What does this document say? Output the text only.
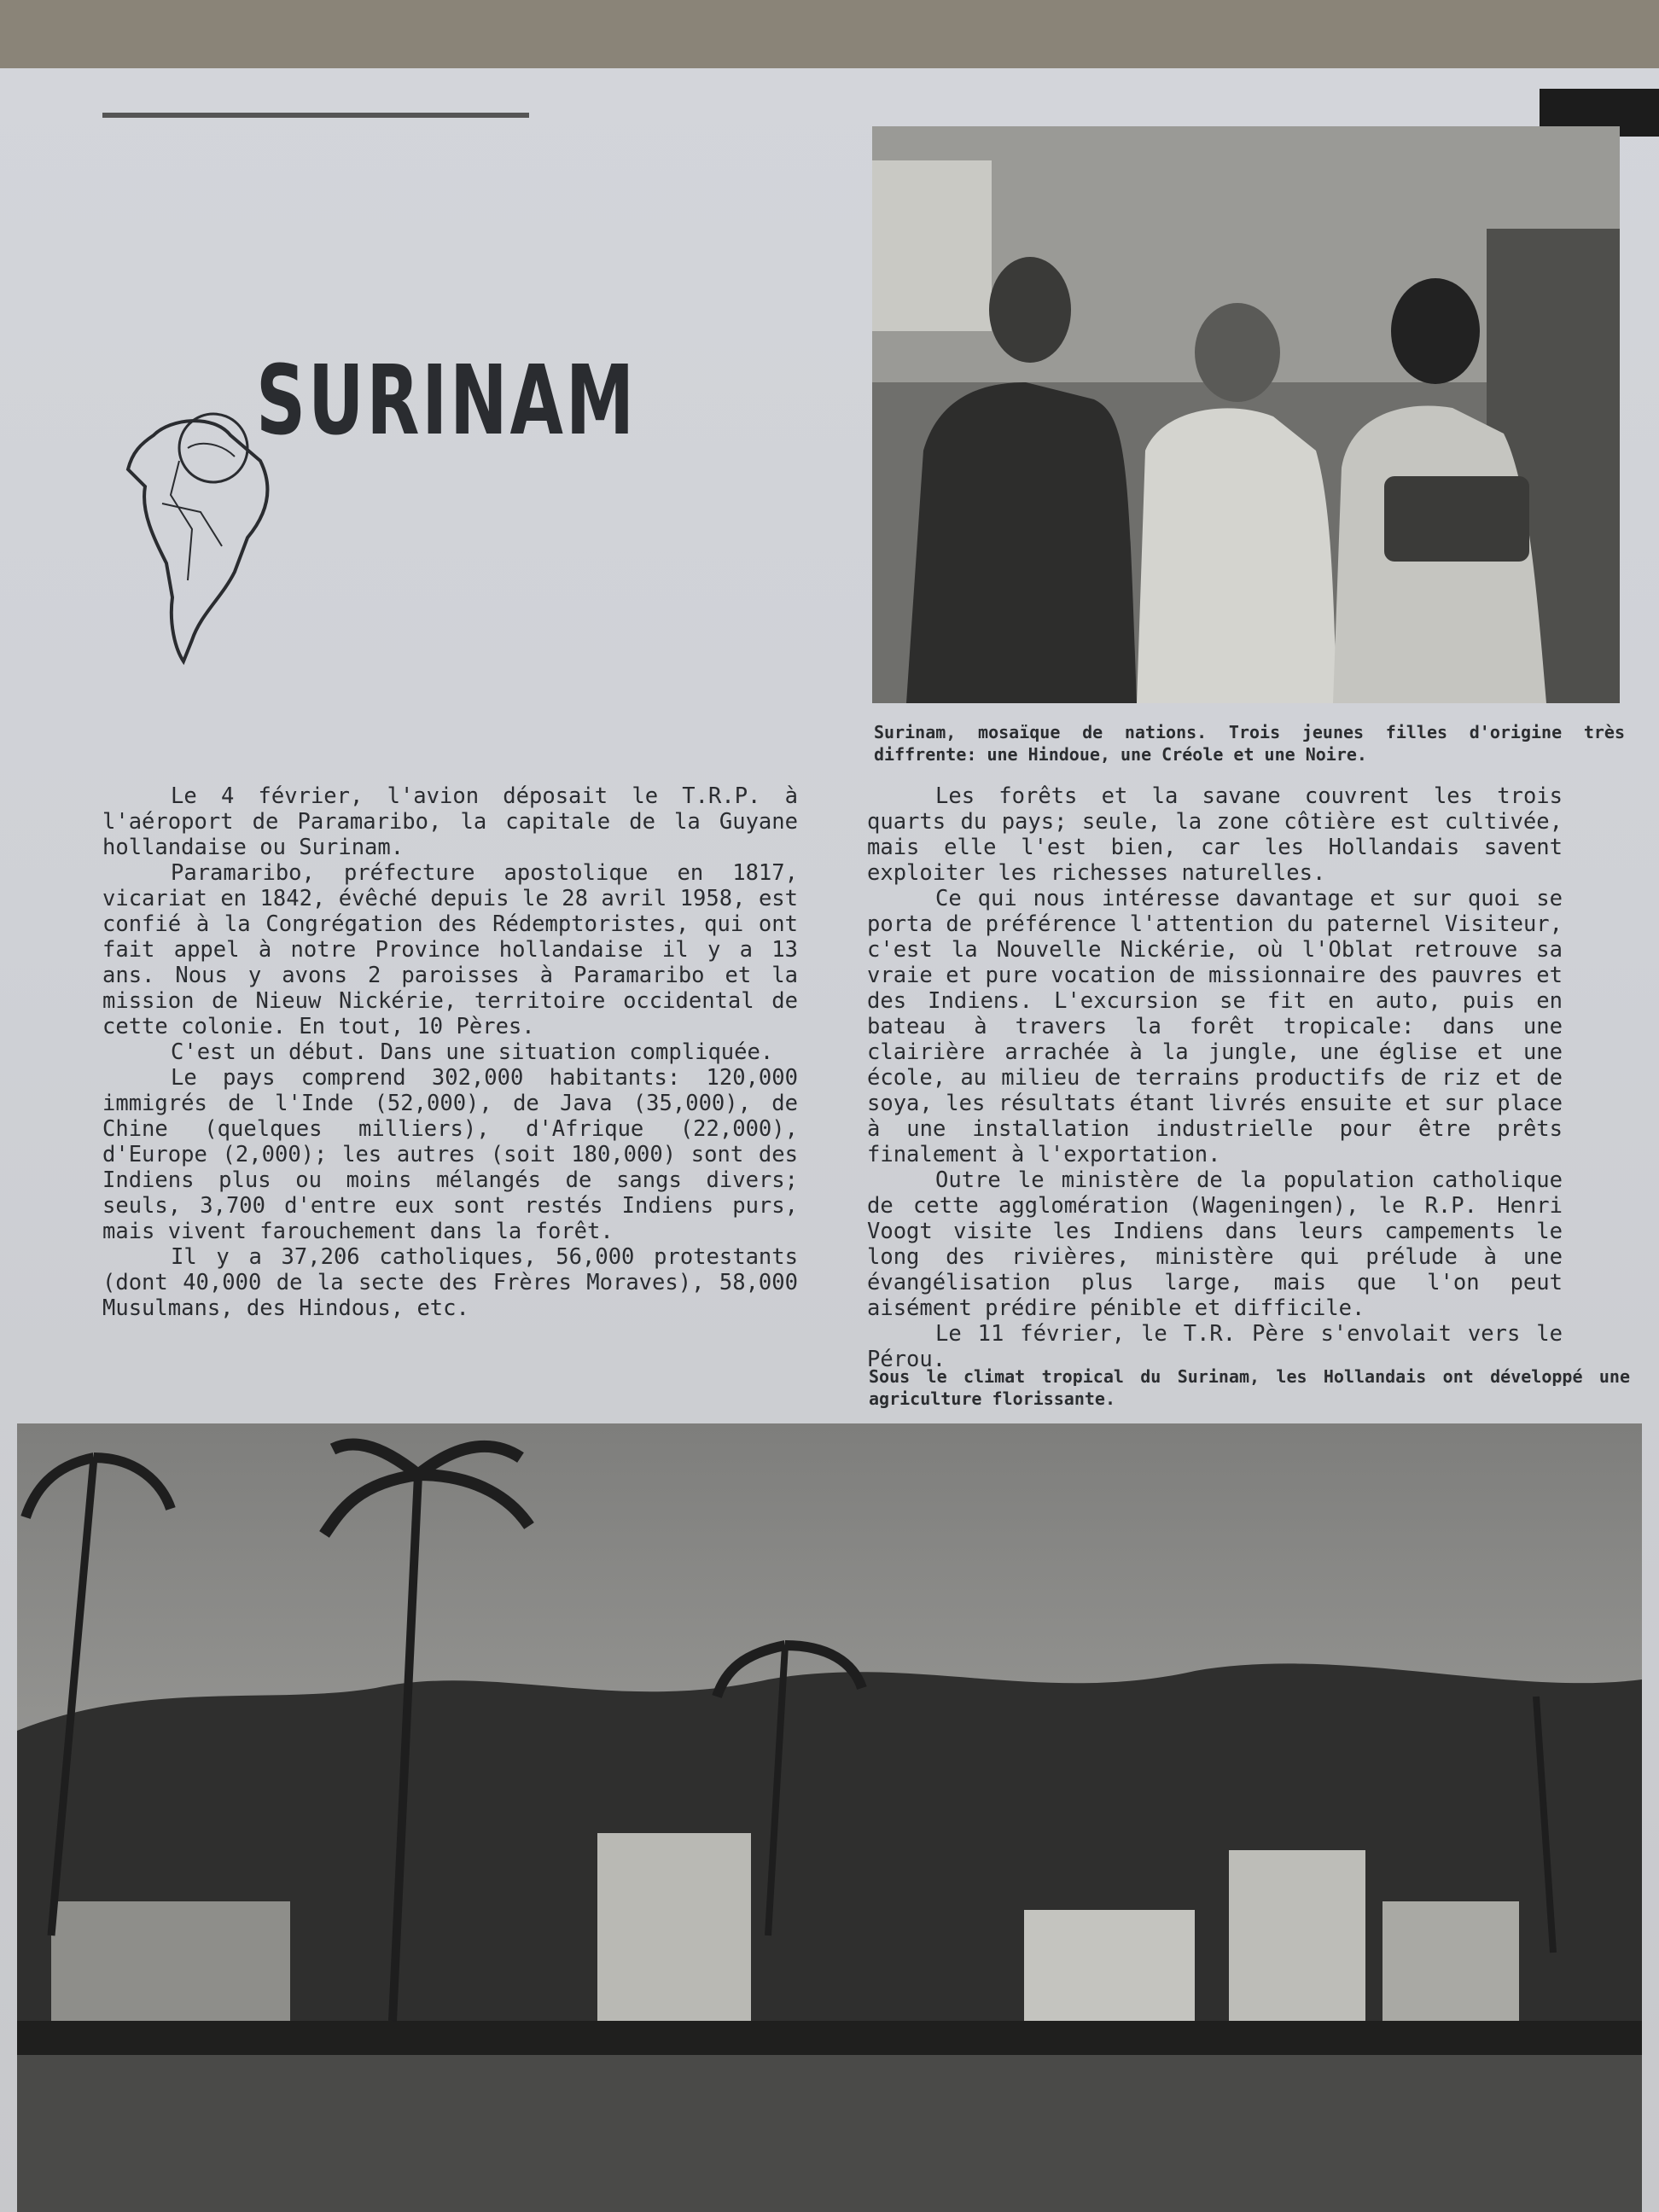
SURINAM

Surinam, mosaïque de nations. Trois jeunes filles d'origine très diffrente: une Hindoue, une Créole et une Noire.

Le 4 février, l'avion déposait le T.R.P. à l'aéroport de Paramaribo, la capitale de la Guyane hollandaise ou Surinam.

Paramaribo, préfecture apostolique en 1817, vicariat en 1842, évêché depuis le 28 avril 1958, est confié à la Congrégation des Rédemptoristes, qui ont fait appel à notre Province hollandaise il y a 13 ans. Nous y avons 2 paroisses à Paramaribo et la mission de Nieuw Nickérie, territoire occidental de cette colonie. En tout, 10 Pères.

C'est un début. Dans une situation compliquée.

Le pays comprend 302,000 habitants: 120,000 immigrés de l'Inde (52,000), de Java (35,000), de Chine (quelques milliers), d'Afrique (22,000), d'Europe (2,000); les autres (soit 180,000) sont des Indiens plus ou moins mélangés de sangs divers; seuls, 3,700 d'entre eux sont restés Indiens purs, mais vivent farouchement dans la forêt.

Il y a 37,206 catholiques, 56,000 protestants (dont 40,000 de la secte des Frères Moraves), 58,000 Musulmans, des Hindous, etc.

Les forêts et la savane couvrent les trois quarts du pays; seule, la zone côtière est cultivée, mais elle l'est bien, car les Hollandais savent exploiter les richesses naturelles.

Ce qui nous intéresse davantage et sur quoi se porta de préférence l'attention du paternel Visiteur, c'est la Nouvelle Nickérie, où l'Oblat retrouve sa vraie et pure vocation de missionnaire des pauvres et des Indiens. L'excursion se fit en auto, puis en bateau à travers la forêt tropicale: dans une clairière arrachée à la jungle, une église et une école, au milieu de terrains productifs de riz et de soya, les résultats étant livrés ensuite et sur place à une installation industrielle pour être prêts finalement à l'exportation.

Outre le ministère de la population catholique de cette agglomération (Wageningen), le R.P. Henri Voogt visite les Indiens dans leurs campements le long des rivières, ministère qui prélude à une évangélisation plus large, mais que l'on peut aisément prédire pénible et difficile.

Le 11 février, le T.R. Père s'envolait vers le Pérou.

Sous le climat tropical du Surinam, les Hollandais ont développé une agriculture florissante.
